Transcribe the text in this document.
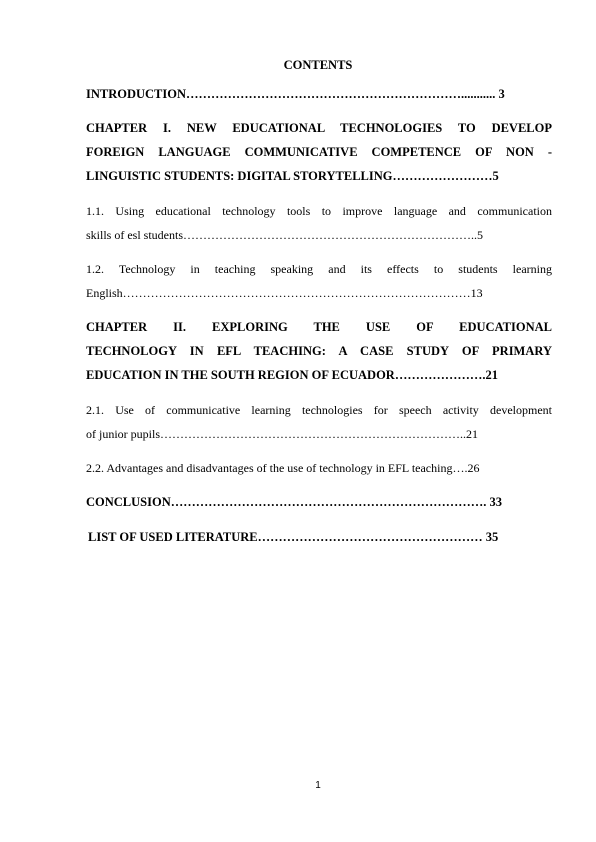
CONTENTS
INTRODUCTION…………………………………………………………........... 3
CHAPTER I. NEW EDUCATIONAL TECHNOLOGIES TO DEVELOP
FOREIGN LANGUAGE COMMUNICATIVE COMPETENCE OF NON -
LINGUISTIC STUDENTS: DIGITAL STORYTELLING……………………5
1.1. Using educational technology tools to improve language and communication
skills of esl students………………………………………………………………..5
1.2. Technology in teaching speaking and its effects to students learning
English……………………………………………………………………………13
CHAPTER II. EXPLORING THE USE OF EDUCATIONAL
TECHNOLOGY IN EFL TEACHING: A CASE STUDY OF PRIMARY
EDUCATION IN THE SOUTH REGION OF ECUADOR………………….21
2.1. Use of communicative learning technologies for speech activity development
of junior pupils…………………………………………………………………..21
2.2. Advantages and disadvantages of the use of technology in EFL teaching….26
CONCLUSION…………………………………………………………………. 33
LIST OF USED LITERATURE……………………………………………… 35
1
